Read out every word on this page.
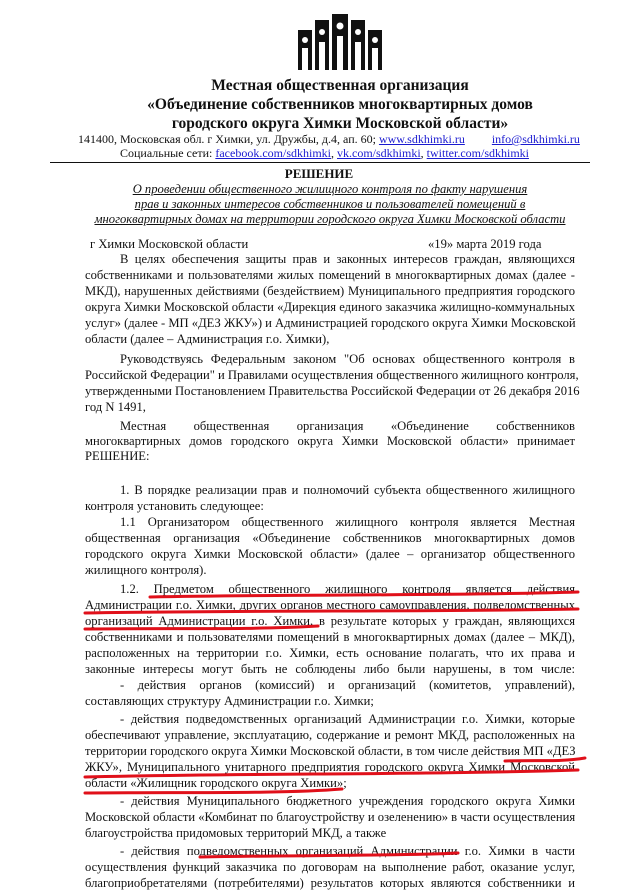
Местная общественная организация
«Объединение собственников многоквартирных домов
городского округа Химки Московской области»
141400, Московская обл. г Химки, ул. Дружбы, д.4, ап. 60; www.sdkhimki.ru info@sdkhimki.ru
Социальные сети: facebook.com/sdkhimki, vk.com/sdkhimki, twitter.com/sdkhimki
РЕШЕНИЕ
О проведении общественного жилищного контроля по факту нарушения
прав и законных интересов собственников и пользователей помещений в
многоквартирных домах на территории городского округа Химки Московской области
г Химки Московской области	«19» марта 2019 года
В целях обеспечения защиты прав и законных интересов граждан, являющихся
собственниками и пользователями жилых помещений в многоквартирных домах (далее -
МКД), нарушенных действиями (бездействием) Муниципального предприятия городского
округа Химки Московской области «Дирекция единого заказчика жилищно-коммунальных
услуг» (далее - МП «ДЕЗ ЖКУ») и Администрацией городского округа Химки Московской
области (далее – Администрация г.о. Химки),
Руководствуясь Федеральным законом "Об основах общественного контроля в
Российской Федерации" и Правилами осуществления общественного жилищного контроля,
утвержденными Постановлением Правительства Российской Федерации от 26 декабря 2016
год N 1491,
Местная общественная организация «Объединение собственников
многоквартирных домов городского округа Химки Московской области» принимает
РЕШЕНИЕ:
1. В порядке реализации прав и полномочий субъекта общественного жилищного
контроля установить следующее:
1.1 Организатором общественного жилищного контроля является Местная
общественная организация «Объединение собственников многоквартирных домов
городского округа Химки Московской области» (далее – организатор общественного
жилищного контроля).
1.2. Предметом общественного жилищного контроля является действия
Администрации г.о. Химки, других органов местного самоуправления, подведомственных
организаций Администрации г.о. Химки, в результате которых у граждан, являющихся
собственниками и пользователями помещений в многоквартирных домах (далее – МКД),
расположенных на территории г.о. Химки, есть основание полагать, что их права и
законные интересы могут быть не соблюдены либо были нарушены, в том числе:
- действия органов (комиссий) и организаций (комитетов, управлений),
составляющих структуру Администрации г.о. Химки;
- действия подведомственных организаций Администрации г.о. Химки, которые
обеспечивают управление, эксплуатацию, содержание и ремонт МКД, расположенных на
территории городского округа Химки Московской области, в том числе действия МП «ДЕЗ
ЖКУ», Муниципального унитарного предприятия городского округа Химки Московской
области «Жилищник городского округа Химки»;
- действия Муниципального бюджетного учреждения городского округа Химки
Московской области «Комбинат по благоустройству и озеленению» в части осуществления
благоустройства придомовых территорий МКД, а также
- действия подведомственных организаций Администрации г.о. Химки в части
осуществления функций заказчика по договорам на выполнение работ, оказание услуг,
благоприобретателями (потребителями) результатов которых являются собственники и
